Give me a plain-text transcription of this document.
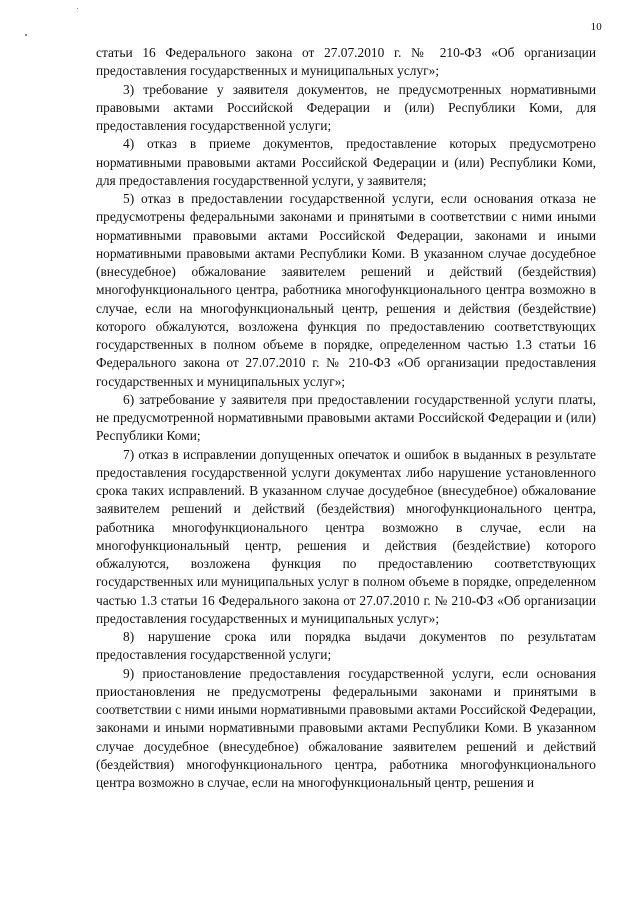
10

статьи 16 Федерального закона от 27.07.2010 г. № 210-ФЗ «Об организации предоставления государственных и муниципальных услуг»;

3) требование у заявителя документов, не предусмотренных нормативными правовыми актами Российской Федерации и (или) Республики Коми, для предоставления государственной услуги;

4) отказ в приеме документов, предоставление которых предусмотрено нормативными правовыми актами Российской Федерации и (или) Республики Коми, для предоставления государственной услуги, у заявителя;

5) отказ в предоставлении государственной услуги, если основания отказа не предусмотрены федеральными законами и принятыми в соответствии с ними иными нормативными правовыми актами Российской Федерации, законами и иными нормативными правовыми актами Республики Коми. В указанном случае досудебное (внесудебное) обжалование заявителем решений и действий (бездействия) многофункционального центра, работника многофункционального центра возможно в случае, если на многофункциональный центр, решения и действия (бездействие) которого обжалуются, возложена функция по предоставлению соответствующих государственных в полном объеме в порядке, определенном частью 1.3 статьи 16 Федерального закона от 27.07.2010 г. № 210-ФЗ «Об организации предоставления государственных и муниципальных услуг»;

6) затребование у заявителя при предоставлении государственной услуги платы, не предусмотренной нормативными правовыми актами Российской Федерации и (или) Республики Коми;

7) отказ в исправлении допущенных опечаток и ошибок в выданных в результате предоставления государственной услуги документах либо нарушение установленного срока таких исправлений. В указанном случае досудебное (внесудебное) обжалование заявителем решений и действий (бездействия) многофункционального центра, работника многофункционального центра возможно в случае, если на многофункциональный центр, решения и действия (бездействие) которого обжалуются, возложена функция по предоставлению соответствующих государственных или муниципальных услуг в полном объеме в порядке, определенном частью 1.3 статьи 16 Федерального закона от 27.07.2010 г. № 210-ФЗ «Об организации предоставления государственных и муниципальных услуг»;

8) нарушение срока или порядка выдачи документов по результатам предоставления государственной услуги;

9) приостановление предоставления государственной услуги, если основания приостановления не предусмотрены федеральными законами и принятыми в соответствии с ними иными нормативными правовыми актами Российской Федерации, законами и иными нормативными правовыми актами Республики Коми. В указанном случае досудебное (внесудебное) обжалование заявителем решений и действий (бездействия) многофункционального центра, работника многофункционального центра возможно в случае, если на многофункциональный центр, решения и
